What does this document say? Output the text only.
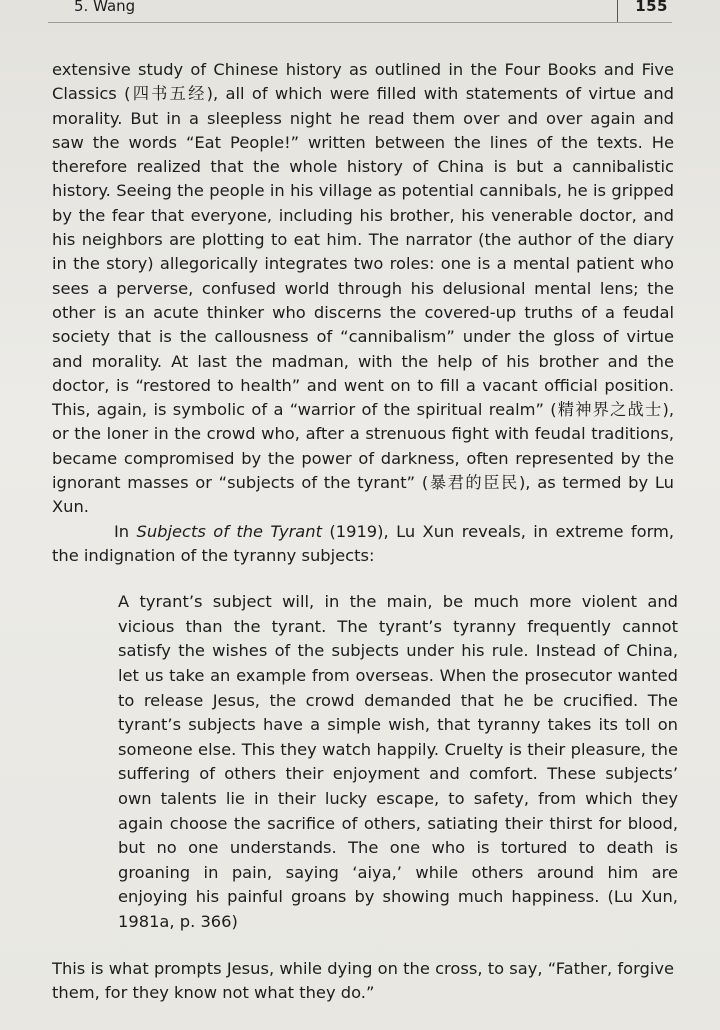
5. Wang	155

extensive study of Chinese history as outlined in the Four Books and Five Classics (四书五经), all of which were filled with statements of virtue and morality. But in a sleepless night he read them over and over again and saw the words “Eat People!” written between the lines of the texts. He therefore realized that the whole history of China is but a cannibalistic history. Seeing the people in his village as potential cannibals, he is gripped by the fear that everyone, including his brother, his venerable doctor, and his neighbors are plotting to eat him. The narrator (the author of the diary in the story) allegorically integrates two roles: one is a mental patient who sees a perverse, confused world through his delusional mental lens; the other is an acute thinker who discerns the covered-up truths of a feudal society that is the callousness of “cannibalism” under the gloss of virtue and morality. At last the madman, with the help of his brother and the doctor, is “restored to health” and went on to fill a vacant official position. This, again, is symbolic of a “warrior of the spiritual realm” (精神界之战士), or the loner in the crowd who, after a strenuous fight with feudal traditions, became compromised by the power of darkness, often represented by the ignorant masses or “subjects of the tyrant” (暴君的臣民), as termed by Lu Xun.

In Subjects of the Tyrant (1919), Lu Xun reveals, in extreme form, the indignation of the tyranny subjects:

A tyrant’s subject will, in the main, be much more violent and vicious than the tyrant. The tyrant’s tyranny frequently cannot satisfy the wishes of the subjects under his rule. Instead of China, let us take an example from overseas. When the prosecutor wanted to release Jesus, the crowd demanded that he be crucified. The tyrant’s subjects have a simple wish, that tyranny takes its toll on someone else. This they watch happily. Cruelty is their pleasure, the suffering of others their enjoyment and comfort. These subjects’ own talents lie in their lucky escape, to safety, from which they again choose the sacrifice of others, satiating their thirst for blood, but no one understands. The one who is tortured to death is groaning in pain, saying ‘aiya,’ while others around him are enjoying his painful groans by showing much happiness. (Lu Xun, 1981a, p. 366)

This is what prompts Jesus, while dying on the cross, to say, “Father, forgive them, for they know not what they do.”
